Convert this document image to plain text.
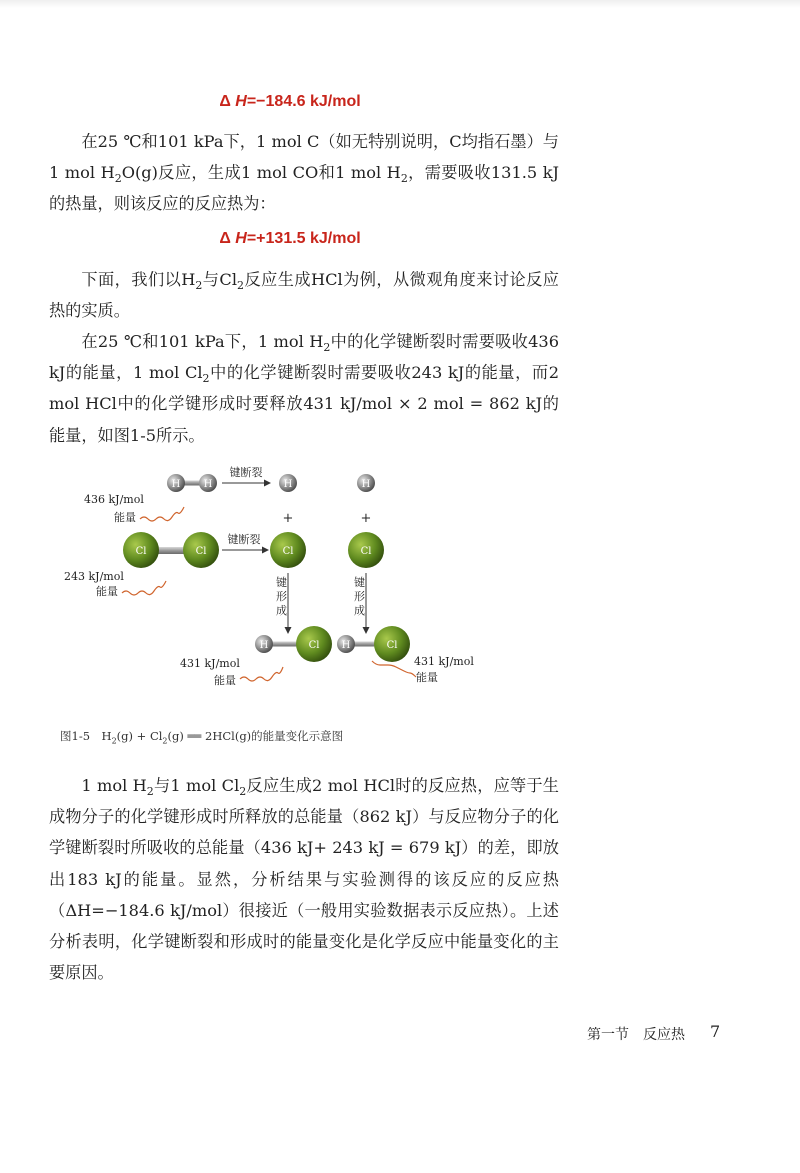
Δ H=−184.6 kJ/mol

在25 ℃和101 kPa下，1 mol C（如无特别说明，C均指石墨）与1 mol $H_2O(g)$反应，生成1 mol CO和1 mol $H_2$，需要吸收131.5 kJ的热量，则该反应的反应热为：

Δ H=+131.5 kJ/mol

下面，我们以$H_2$与$Cl_2$反应生成HCl为例，从微观角度来讨论反应热的实质。

在25 ℃和101 kPa下，1 mol $H_2$中的化学键断裂时需要吸收436 kJ的能量，1 mol $Cl_2$中的化学键断裂时需要吸收243 kJ的能量，而2 mol HCl中的化学键形成时要释放431 kJ/mol × 2 mol = 862 kJ的能量，如图1-5所示。

H H
键断裂
H	H
+	+
436 kJ/mol
能量
Cl	Cl
键断裂
Cl	Cl
243 kJ/mol
能量
键
形
成
键
形
成
H	Cl H	Cl
431 kJ/mol
能量
431 kJ/mol
能量
图1-5　 $H_2(g) + Cl_2(g)$ ══ 2HCl(g)的能量变化示意图

1 mol $H_2$与1 mol $Cl_2$反应生成2 mol HCl时的反应热，应等于生成物分子的化学键形成时所释放的总能量（862 kJ）与反应物分子的化学键断裂时所吸收的总能量（436 kJ+ 243 kJ = 679 kJ）的差，即放出183 kJ的能量。显然，分析结果与实验测得的该反应的反应热（ΔH=−184.6 kJ/mol）很接近（一般用实验数据表示反应热）。上述分析表明，化学键断裂和形成时的能量变化是化学反应中能量变化的主要原因。

第一节　反应热 7
